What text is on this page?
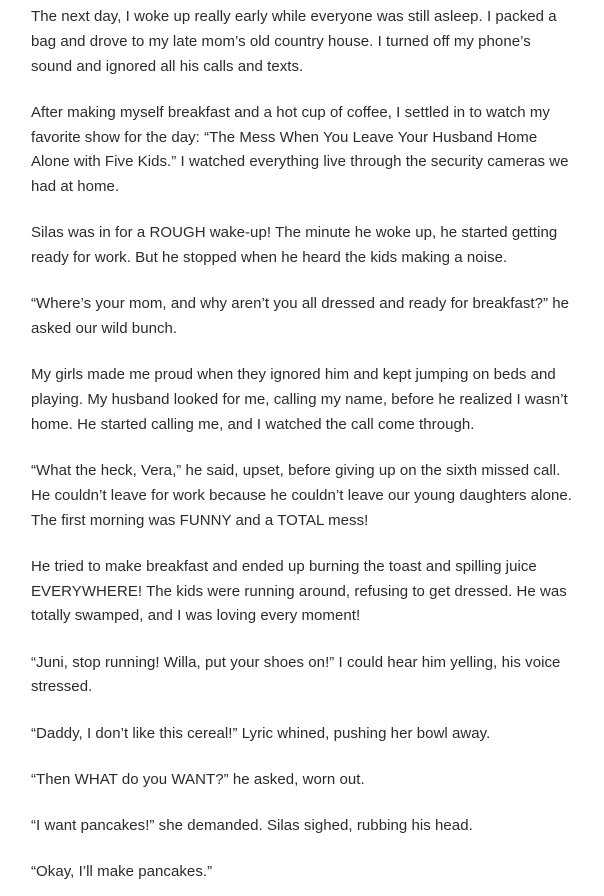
The next day, I woke up really early while everyone was still asleep. I packed a bag and drove to my late mom’s old country house. I turned off my phone’s sound and ignored all his calls and texts.

After making myself breakfast and a hot cup of coffee, I settled in to watch my favorite show for the day: “The Mess When You Leave Your Husband Home Alone with Five Kids.” I watched everything live through the security cameras we had at home.

Silas was in for a ROUGH wake-up! The minute he woke up, he started getting ready for work. But he stopped when he heard the kids making a noise.

“Where’s your mom, and why aren’t you all dressed and ready for breakfast?” he asked our wild bunch.

My girls made me proud when they ignored him and kept jumping on beds and playing. My husband looked for me, calling my name, before he realized I wasn’t home. He started calling me, and I watched the call come through.

“What the heck, Vera,” he said, upset, before giving up on the sixth missed call. He couldn’t leave for work because he couldn’t leave our young daughters alone. The first morning was FUNNY and a TOTAL mess!

He tried to make breakfast and ended up burning the toast and spilling juice EVERYWHERE! The kids were running around, refusing to get dressed. He was totally swamped, and I was loving every moment!

“Juni, stop running! Willa, put your shoes on!” I could hear him yelling, his voice stressed.

“Daddy, I don’t like this cereal!” Lyric whined, pushing her bowl away.

“Then WHAT do you WANT?” he asked, worn out.

“I want pancakes!” she demanded. Silas sighed, rubbing his head.

“Okay, I’ll make pancakes.”
